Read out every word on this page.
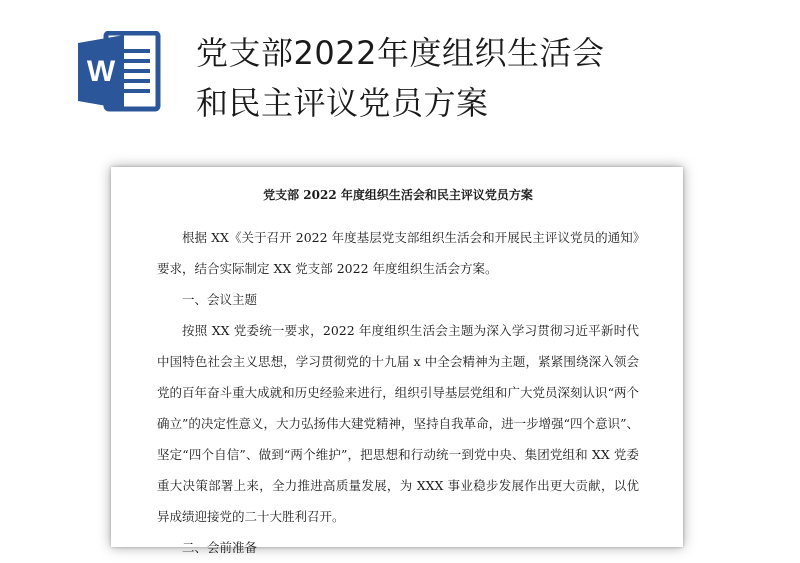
W	党支部2022年度组织生活会
和民主评议党员方案
党支部 2022 年度组织生活会和民主评议党员方案

根据 XX《关于召开 2022 年度基层党支部组织生活会和开展民主评议党员的通知》要求，结合实际制定 XX 党支部 2022 年度组织生活会方案。

一、会议主题

按照 XX 党委统一要求，2022 年度组织生活会主题为深入学习贯彻习近平新时代中国特色社会主义思想，学习贯彻党的十九届 x 中全会精神为主题，紧紧围绕深入领会党的百年奋斗重大成就和历史经验来进行，组织引导基层党组和广大党员深刻认识“两个确立”的决定性意义，大力弘扬伟大建党精神，坚持自我革命，进一步增强“四个意识”、坚定“四个自信”、做到“两个维护”，把思想和行动统一到党中央、集团党组和 XX 党委重大决策部署上来，全力推进高质量发展，为 XXX 事业稳步发展作出更大贡献，以优异成绩迎接党的二十大胜利召开。

二、会前准备
